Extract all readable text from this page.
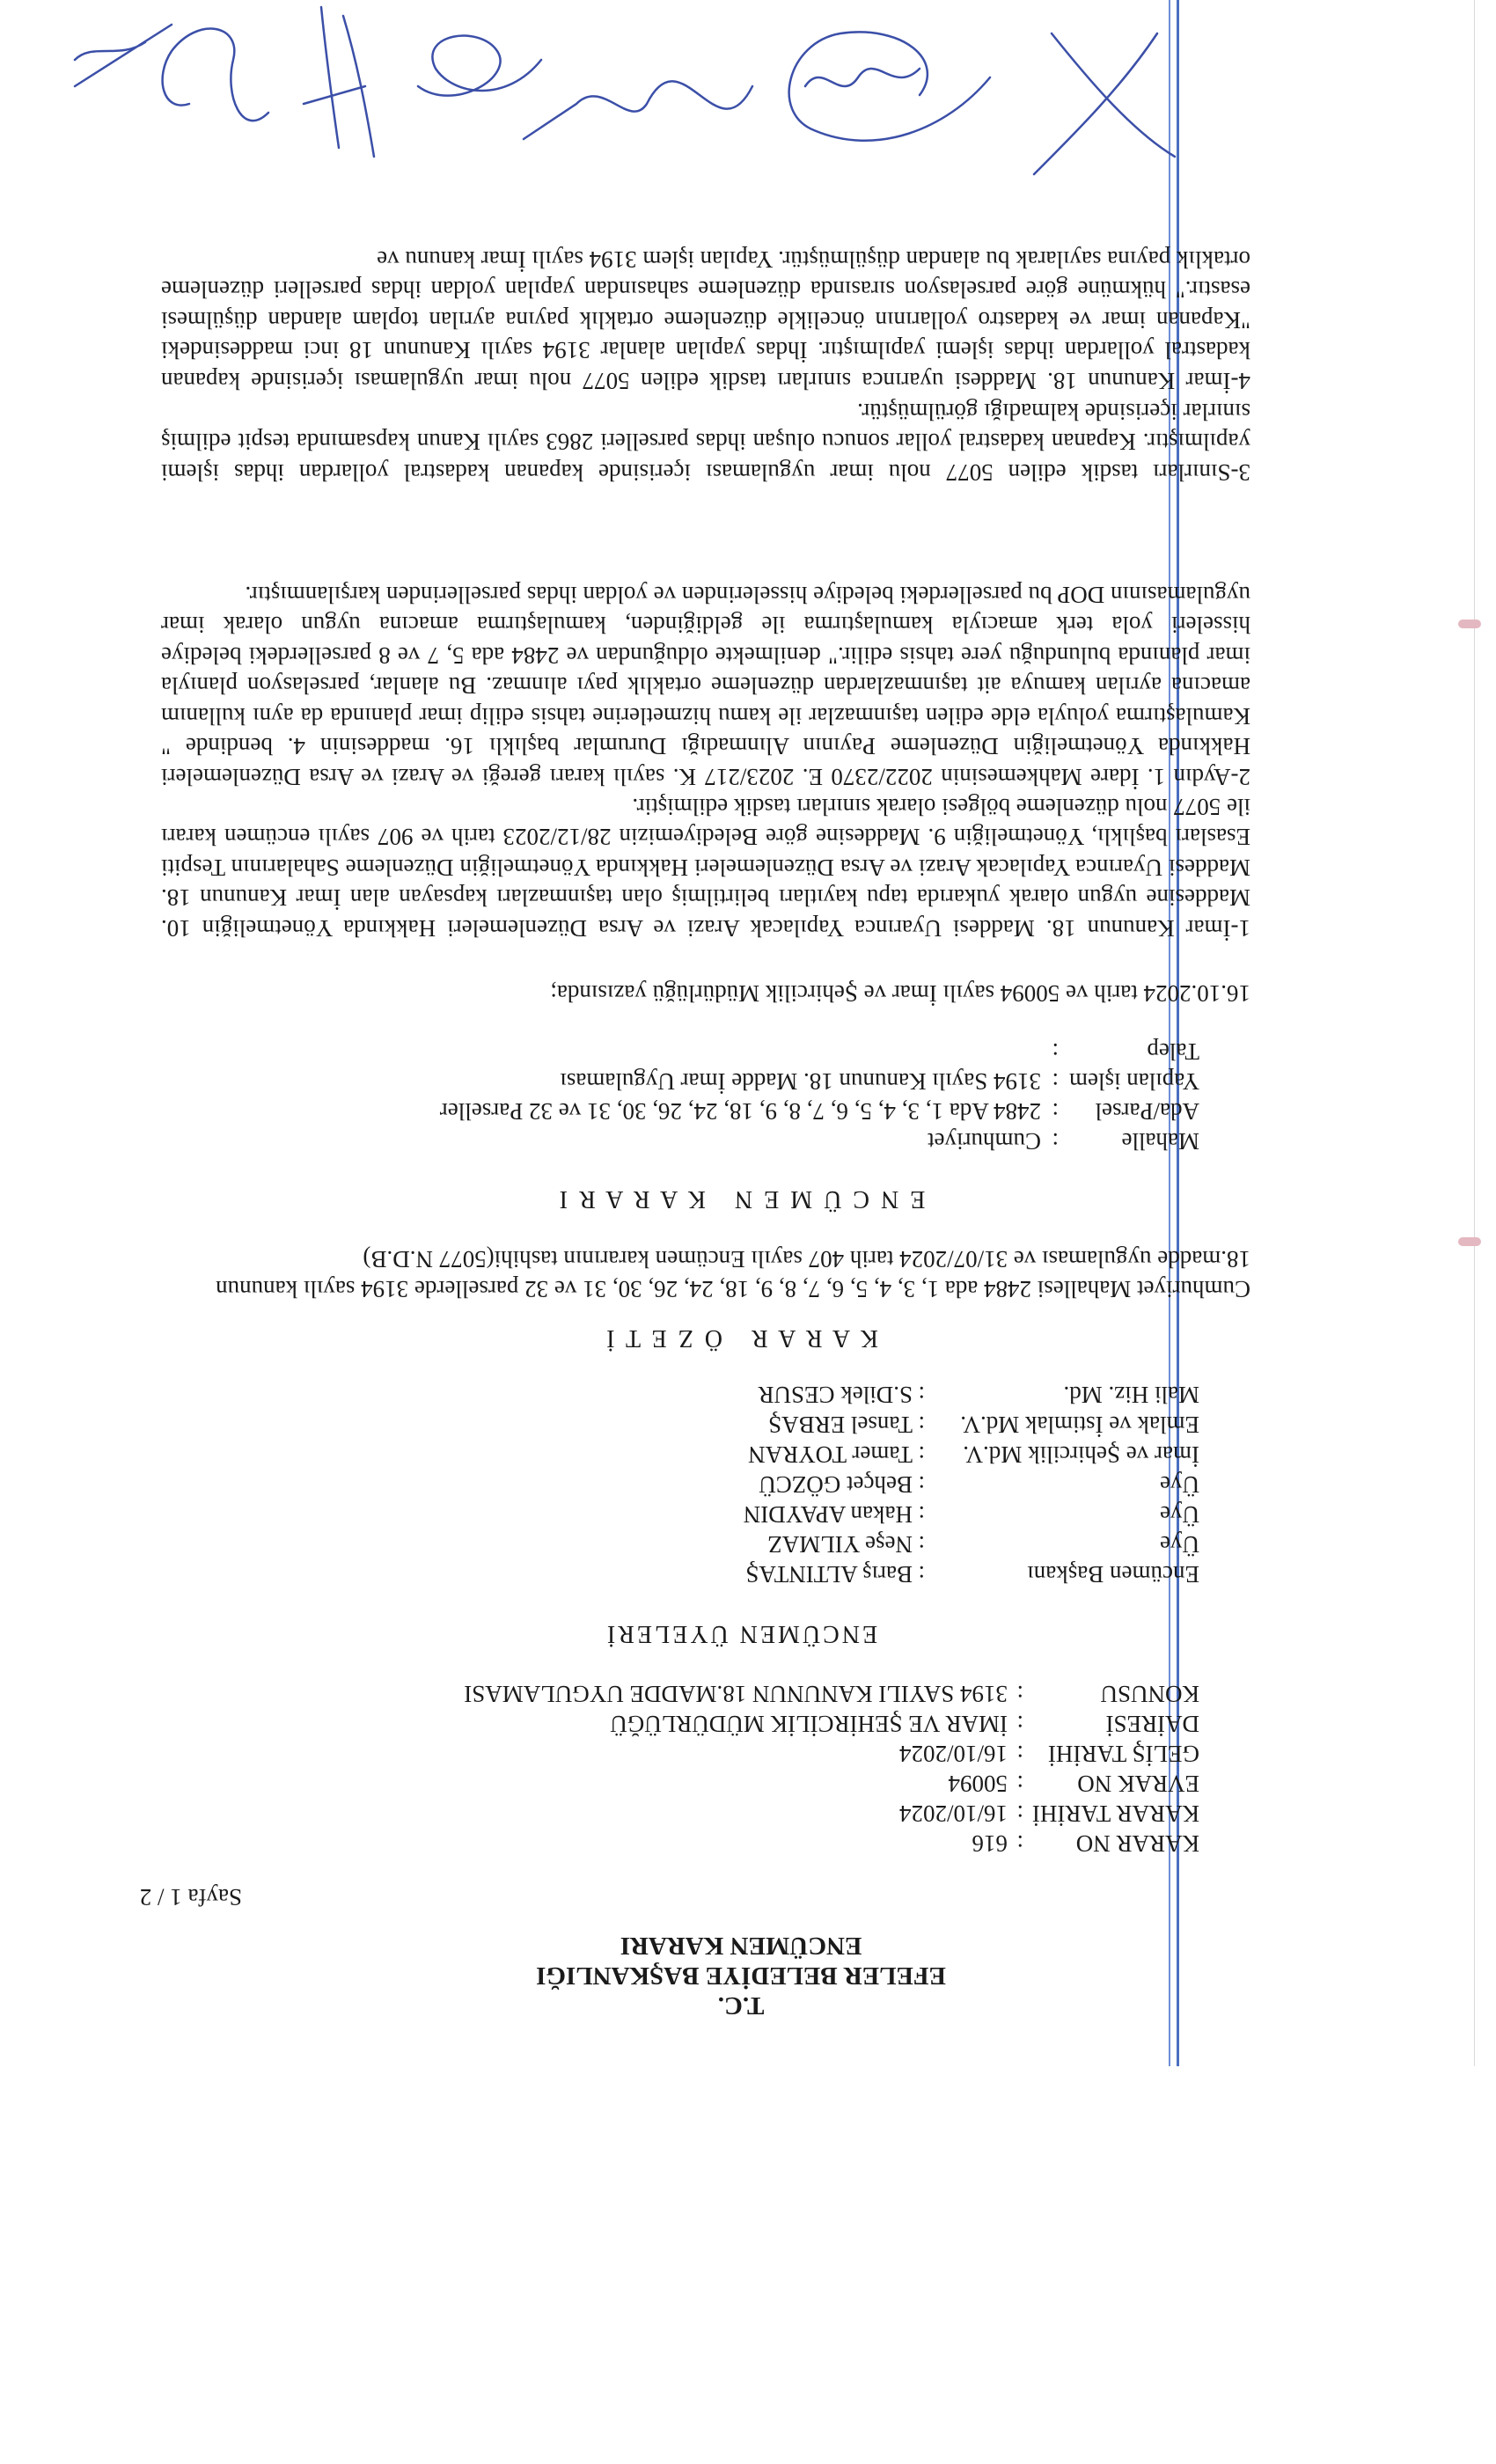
T.C.
EFELER BELEDİYE BAŞKANLIĞI
ENCÜMEN KARARI
Sayfa 1 / 2
KARAR NO
:
616
KARAR TARİHİ
:
16/10/2024
EVRAK NO
:
50094
GELİŞ TARİHİ
:
16/10/2024
DAİRESİ
:
İMAR VE ŞEHİRCİLİK MÜDÜRLÜĞÜ
KONUSU
:
3194 SAYILI KANUNUN 18.MADDE UYGULAMASI
ENCÜMEN ÜYELERİ
Encümen Başkanı
:
Barış ALTINTAŞ
Üye
:
Neşe YILMAZ
Üye
:
Hakan APAYDIN
Üye
:
Behçet GÖZCÜ
İmar ve Şehircilik Md.V.
:
Tamer TOYRAN
Emlak ve İstimlak Md.V.
:
Tansel ERBAŞ
Mali Hiz. Md.
:
S.Dilek CESUR
K A R A R   Ö Z E T İ
Cumhuriyet Mahallesi 2484 ada 1, 3, 4, 5, 6, 7, 8, 9, 18, 24, 26, 30, 31 ve 32 parsellerde 3194 sayılı kanunun
18.madde uygulaması ve 31/07/2024 tarih 407 sayılı Encümen kararının tashihi(5077 N.D.B)
E N C Ü M E N   K A R A R I
Mahalle
:
Cumhuriyet
Ada/Parsel
:
2484 Ada 1, 3, 4, 5, 6, 7, 8, 9, 18, 24, 26, 30, 31 ve 32 Parseller
Yapılan işlem
:
3194 Sayılı Kanunun 18. Madde İmar Uygulaması
Talep
:
16.10.2024 tarih ve 50094 sayılı İmar ve Şehircilik Müdürlüğü yazısında;
1-İmar Kanunun 18. Maddesi Uyarınca Yapılacak Arazi ve Arsa Düzenlemeleri Hakkında Yönetmeliğin 10. Maddesine uygun olarak yukarıda tapu kayıtları belirtilmiş olan taşınmazları kapsayan alan İmar Kanunun 18. Maddesi Uyarınca Yapılacak Arazi ve Arsa Düzenlemeleri Hakkında Yönetmeliğin Düzenleme Sahalarının Tespiti Esasları başlıklı, Yönetmeliğin 9. Maddesine göre Belediyemizin 28/12/2023 tarih ve 907 sayılı encümen kararı ile 5077 nolu düzenleme bölgesi olarak sınırları tasdik edilmiştir.
2-Aydın 1. İdare Mahkemesinin 2022/2370 E. 2023/217 K. sayılı kararı gereği ve Arazi ve Arsa Düzenlemeleri Hakkında Yönetmeliğin Düzenleme Payının Alınmadığı Durumlar başlıklı 16. maddesinin 4. bendinde " Kamulaştırma yoluyla elde edilen taşınmazlar ile kamu hizmetlerine tahsis edilip imar planında da aynı kullanım amacına ayrılan kamuya ait taşınmazlardan düzenleme ortaklık payı alınmaz. Bu alanlar, parselasyon planıyla imar planında bulunduğu yere tahsis edilir." denilmekte olduğundan ve 2484 ada 5, 7 ve 8 parsellerdeki belediye hisseleri yola terk amacıyla kamulaştırma ile geldiğinden, kamulaştırma amacına uygun olarak imar uygulamasının DOP bu parsellerdeki belediye hisselerinden ve yoldan ihdas parsellerinden karşılanmıştır.
3-Sınırları tasdik edilen 5077 nolu imar uygulaması içerisinde kapanan kadastral yollardan ihdas işlemi yapılmıştır. Kapanan kadastral yollar sonucu oluşan ihdas parselleri 2863 sayılı Kanun kapsamında tespit edilmiş sınırlar içerisinde kalmadığı görülmüştür.
4-İmar Kanunun 18. Maddesi uyarınca sınırları tasdik edilen 5077 nolu imar uygulaması içerisinde kapanan kadastral yollardan ihdas işlemi yapılmıştır. İhdas yapılan alanlar 3194 sayılı Kanunun 18 inci maddesindeki "Kapanan imar ve kadastro yollarının öncelikle düzenleme ortaklık payına ayrılan toplam alandan düşülmesi esastır." hükmüne göre parselasyon sırasında düzenleme sahasından yapılan yoldan ihdas parselleri düzenleme ortaklık payına sayılarak bu alandan düşülmüştür. Yapılan işlem 3194 sayılı İmar kanunu ve
